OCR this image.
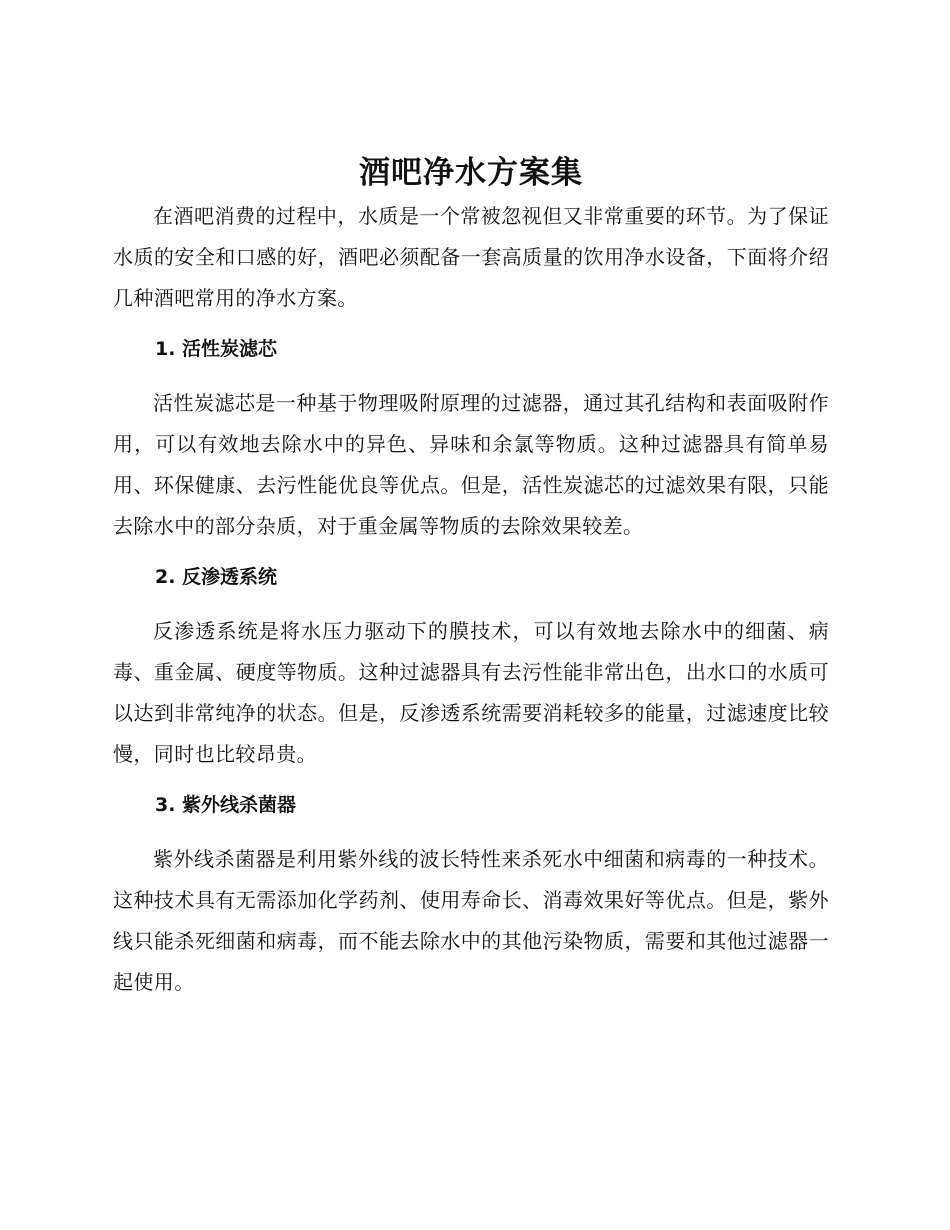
酒吧净水方案集

在酒吧消费的过程中，水质是一个常被忽视但又非常重要的环节。为了保证水质的安全和口感的好，酒吧必须配备一套高质量的饮用净水设备，下面将介绍几种酒吧常用的净水方案。

1. 活性炭滤芯

活性炭滤芯是一种基于物理吸附原理的过滤器，通过其孔结构和表面吸附作用，可以有效地去除水中的异色、异味和余氯等物质。这种过滤器具有简单易用、环保健康、去污性能优良等优点。但是，活性炭滤芯的过滤效果有限，只能去除水中的部分杂质，对于重金属等物质的去除效果较差。

2. 反渗透系统

反渗透系统是将水压力驱动下的膜技术，可以有效地去除水中的细菌、病毒、重金属、硬度等物质。这种过滤器具有去污性能非常出色，出水口的水质可以达到非常纯净的状态。但是，反渗透系统需要消耗较多的能量，过滤速度比较慢，同时也比较昂贵。

3. 紫外线杀菌器

紫外线杀菌器是利用紫外线的波长特性来杀死水中细菌和病毒的一种技术。这种技术具有无需添加化学药剂、使用寿命长、消毒效果好等优点。但是，紫外线只能杀死细菌和病毒，而不能去除水中的其他污染物质，需要和其他过滤器一起使用。
